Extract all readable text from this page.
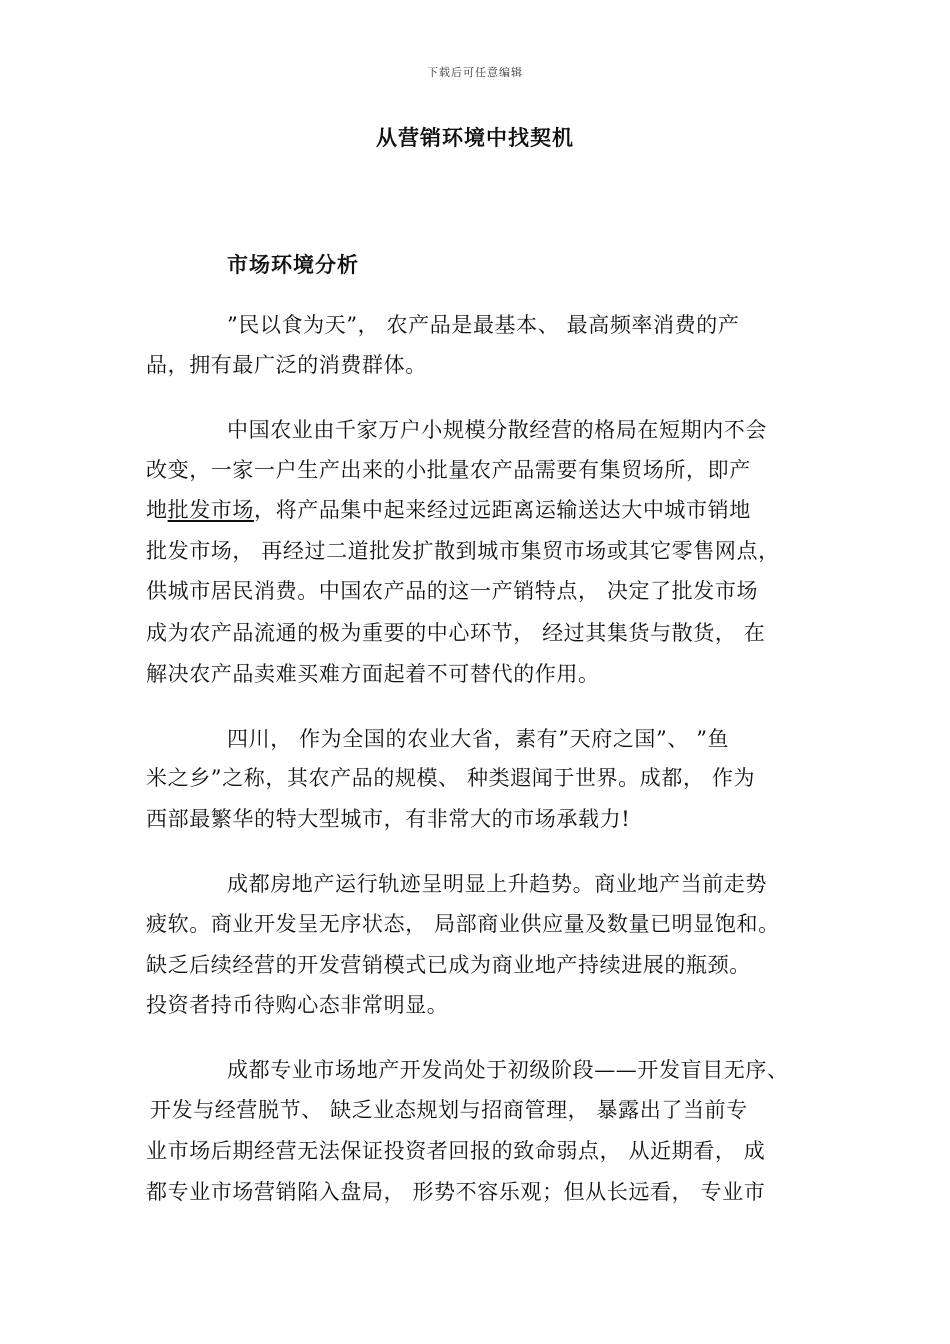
下载后可任意编辑
从营销环境中找契机
市场环境分析
”民以食为天”， 农产品是最基本、 最高频率消费的产
品，拥有最广泛的消费群体。
中国农业由千家万户小规模分散经营的格局在短期内不会
改变，一家一户生产出来的小批量农产品需要有集贸场所，即产
地批发市场，将产品集中起来经过远距离运输送达大中城市销地
批发市场， 再经过二道批发扩散到城市集贸市场或其它零售网点，
供城市居民消费。中国农产品的这一产销特点， 决定了批发市场
成为农产品流通的极为重要的中心环节， 经过其集货与散货， 在
解决农产品卖难买难方面起着不可替代的作用。
四川， 作为全国的农业大省，素有”天府之国”、 ”鱼
米之乡”之称，其农产品的规模、 种类遐闻于世界。成都， 作为
西部最繁华的特大型城市，有非常大的市场承载力!
成都房地产运行轨迹呈明显上升趋势。商业地产当前走势
疲软。商业开发呈无序状态， 局部商业供应量及数量已明显饱和。
缺乏后续经营的开发营销模式已成为商业地产持续进展的瓶颈。
投资者持币待购心态非常明显。
成都专业市场地产开发尚处于初级阶段——开发盲目无序、
开发与经营脱节、 缺乏业态规划与招商管理， 暴露出了当前专
业市场后期经营无法保证投资者回报的致命弱点， 从近期看， 成
都专业市场营销陷入盘局， 形势不容乐观；但从长远看， 专业市
